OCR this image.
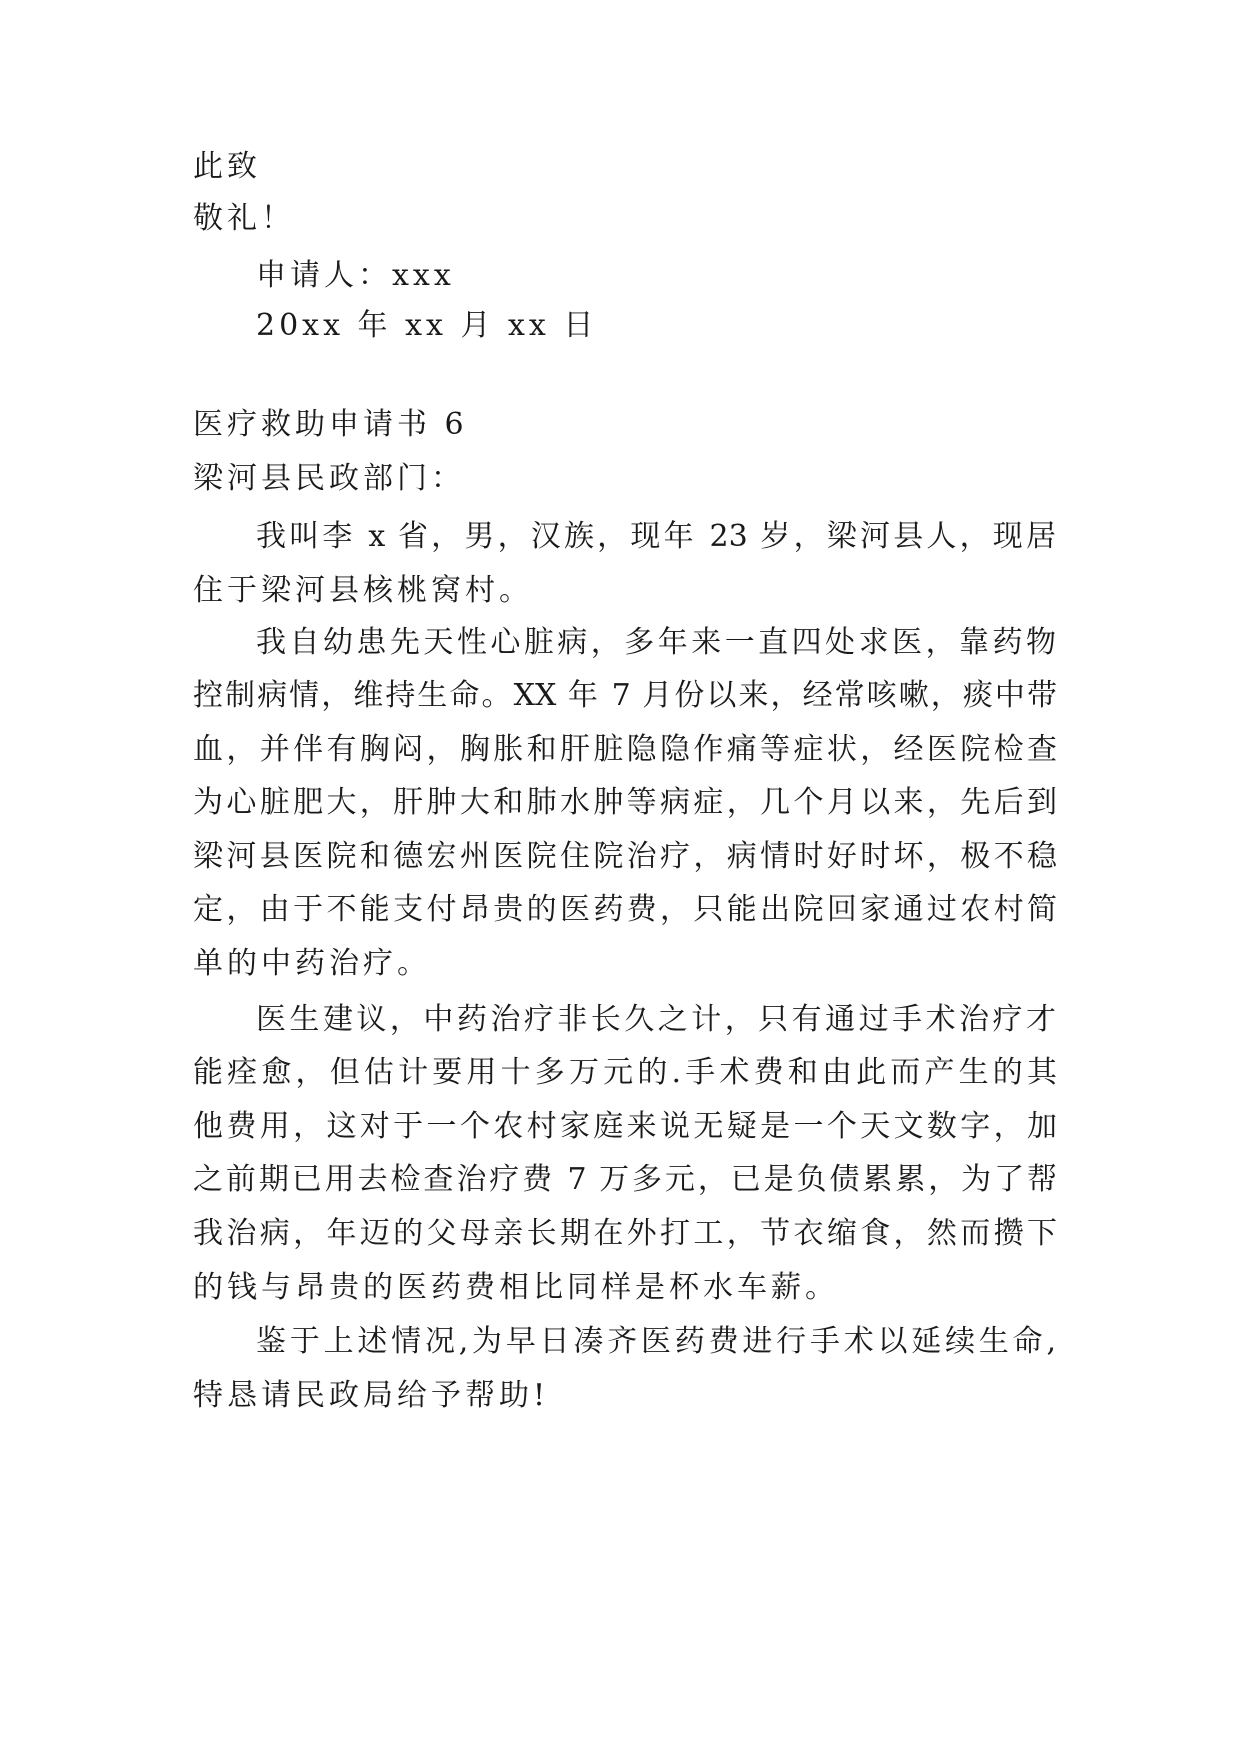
此致
敬礼！
申请人：xxx
20xx 年 xx 月 xx 日
医疗救助申请书 6
梁河县民政部门：
我叫李 x 省，男，汉族，现年 23 岁，梁河县人，现居
住于梁河县核桃窝村。
我自幼患先天性心脏病，多年来一直四处求医，靠药物
控制病情，维持生命。XX 年 7 月份以来，经常咳嗽，痰中带
血，并伴有胸闷，胸胀和肝脏隐隐作痛等症状，经医院检查
为心脏肥大，肝肿大和肺水肿等病症，几个月以来，先后到
梁河县医院和德宏州医院住院治疗，病情时好时坏，极不稳
定，由于不能支付昂贵的医药费，只能出院回家通过农村简
单的中药治疗。
医生建议，中药治疗非长久之计，只有通过手术治疗才
能痊愈，但估计要用十多万元的.手术费和由此而产生的其
他费用，这对于一个农村家庭来说无疑是一个天文数字，加
之前期已用去检查治疗费 7 万多元，已是负债累累，为了帮
我治病，年迈的父母亲长期在外打工，节衣缩食，然而攒下
的钱与昂贵的医药费相比同样是杯水车薪。
鉴于上述情况,为早日凑齐医药费进行手术以延续生命,
特恳请民政局给予帮助!
